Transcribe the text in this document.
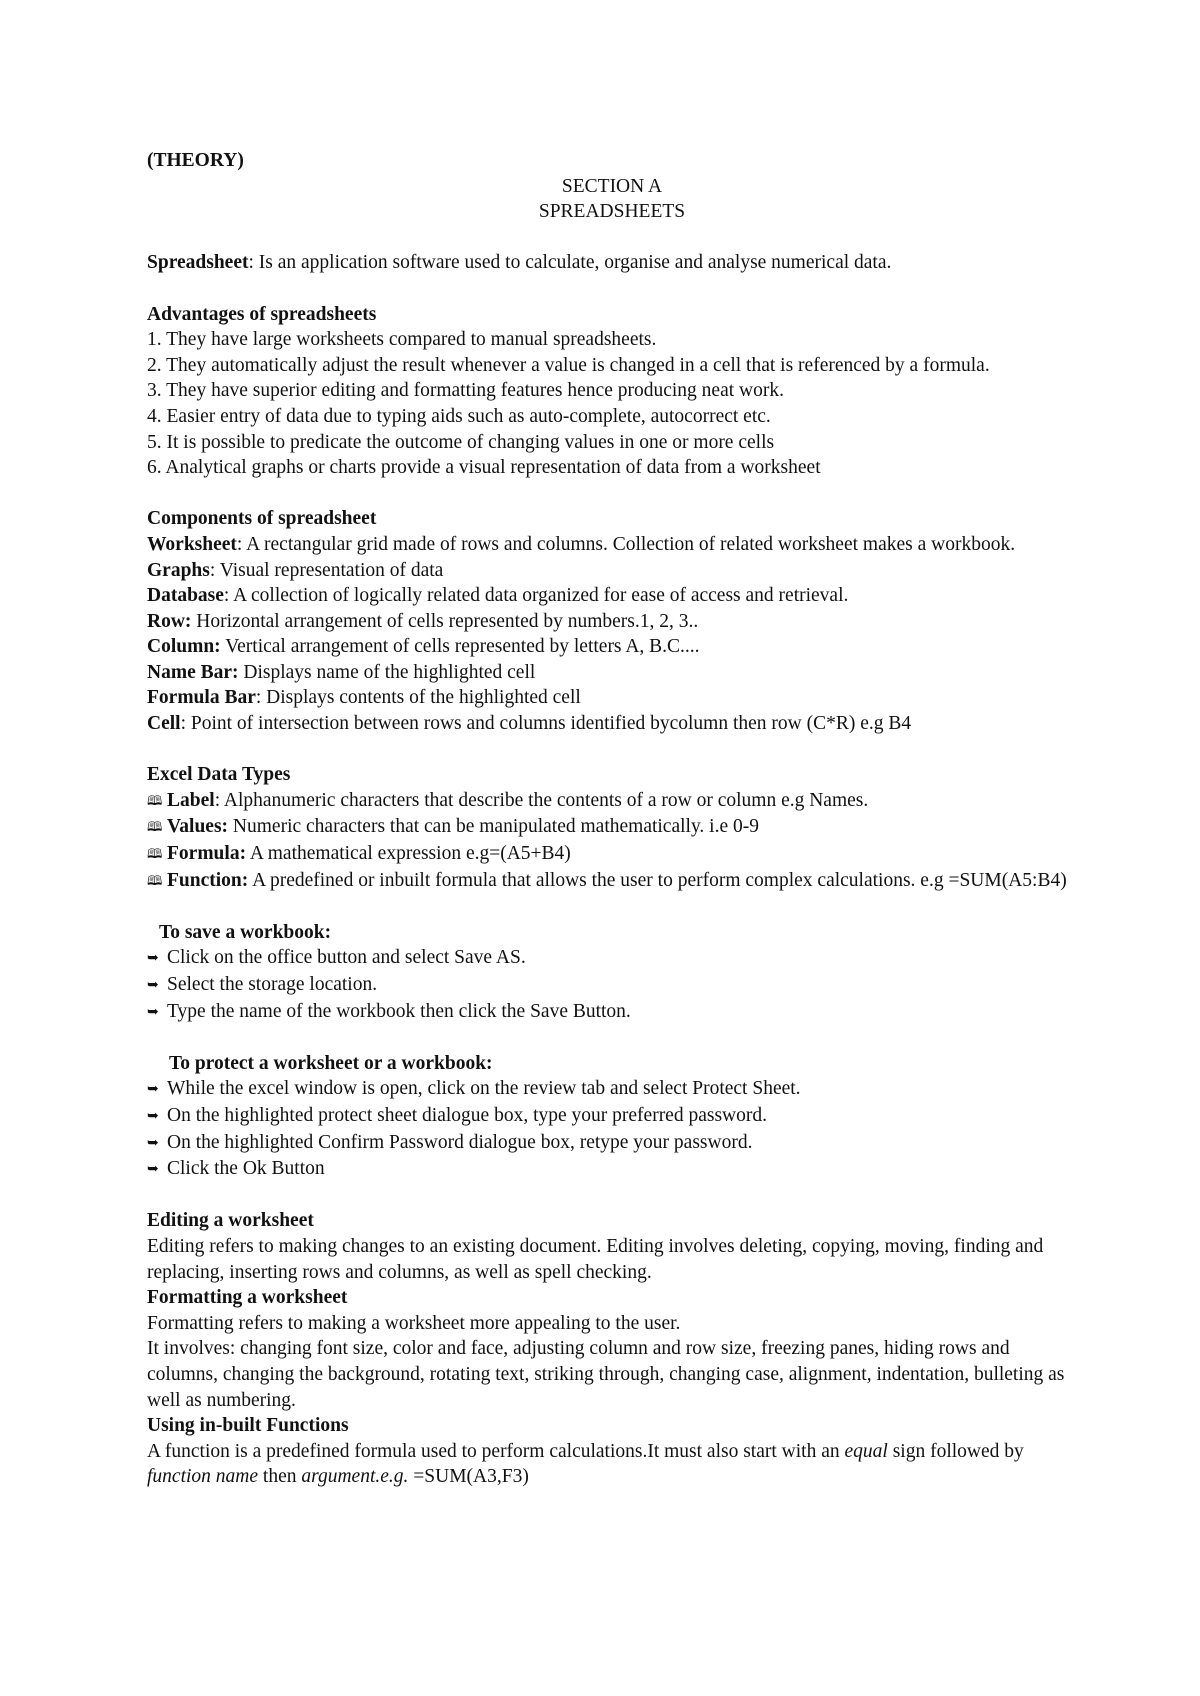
(THEORY)

SECTION A

SPREADSHEETS

Spreadsheet: Is an application software used to calculate, organise and analyse numerical data.

Advantages of spreadsheets

1. They have large worksheets compared to manual spreadsheets.

2. They automatically adjust the result whenever a value is changed in a cell that is referenced by a formula.

3. They have superior editing and formatting features hence producing neat work.

4. Easier entry of data due to typing aids such as auto-complete, autocorrect etc.

5. It is possible to predicate the outcome of changing values in one or more cells

6. Analytical graphs or charts provide a visual representation of data from a worksheet

Components of spreadsheet

Worksheet: A rectangular grid made of rows and columns. Collection of related worksheet makes a workbook.

Graphs: Visual representation of data

Database: A collection of logically related data organized for ease of access and retrieval.

Row: Horizontal arrangement of cells represented by numbers.1, 2, 3..

Column: Vertical arrangement of cells represented by letters A, B.C....

Name Bar: Displays name of the highlighted cell

Formula Bar: Displays contents of the highlighted cell

Cell: Point of intersection between rows and columns identified bycolumn then row (C*R) e.g B4

Excel Data Types

🕮 Label: Alphanumeric characters that describe the contents of a row or column e.g Names.

🕮 Values: Numeric characters that can be manipulated mathematically. i.e 0-9

🕮 Formula: A mathematical expression e.g=(A5+B4)

🕮 Function: A predefined or inbuilt formula that allows the user to perform complex calculations. e.g =SUM(A5:B4)

To save a workbook:

➥ Click on the office button and select Save AS.

➥ Select the storage location.

➥ Type the name of the workbook then click the Save Button.

To protect a worksheet or a workbook:

➥ While the excel window is open, click on the review tab and select Protect Sheet.

➥ On the highlighted protect sheet dialogue box, type your preferred password.

➥ On the highlighted Confirm Password dialogue box, retype your password.

➥ Click the Ok Button

Editing a worksheet

Editing refers to making changes to an existing document. Editing involves deleting, copying, moving, finding and replacing, inserting rows and columns, as well as spell checking.

Formatting a worksheet

Formatting refers to making a worksheet more appealing to the user.

It involves: changing font size, color and face, adjusting column and row size, freezing panes, hiding rows and columns, changing the background, rotating text, striking through, changing case, alignment, indentation, bulleting as well as numbering.

Using in-built Functions

A function is a predefined formula used to perform calculations.It must also start with an equal sign followed by function name then argument.e.g. =SUM(A3,F3)
